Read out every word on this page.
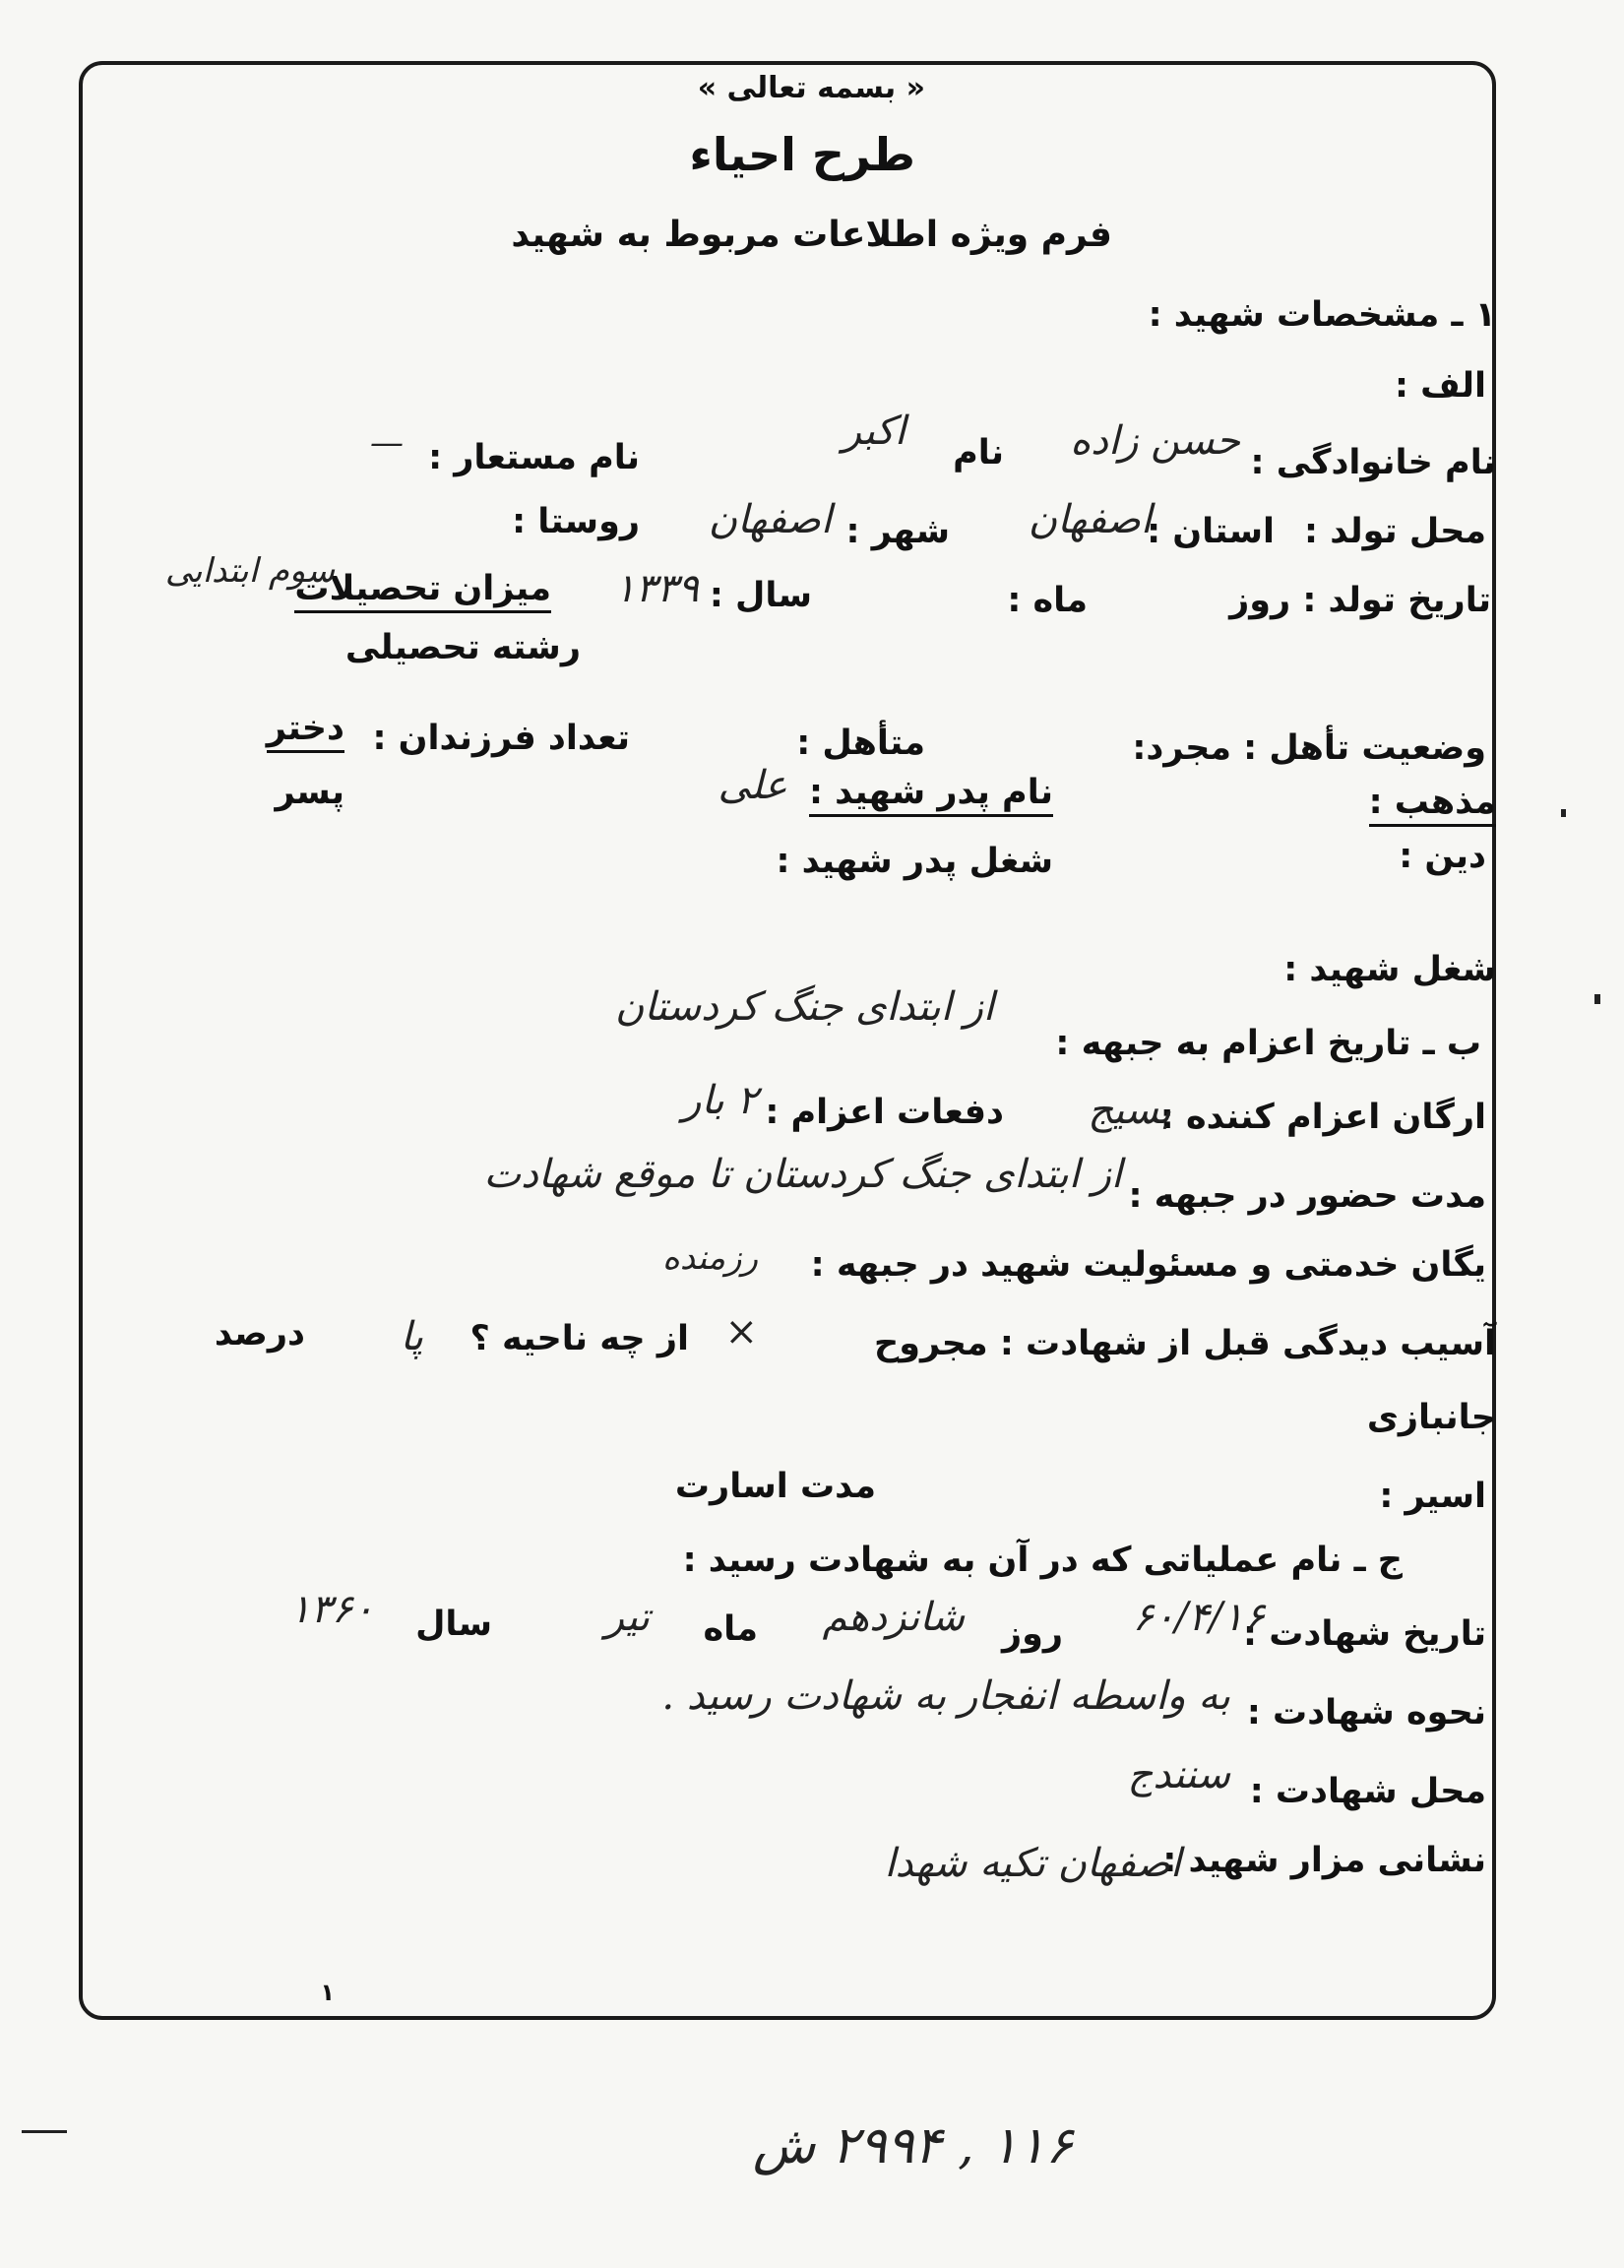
« بسمه تعالی »
طرح احیاء
فرم ویژه اطلاعات مربوط به شهید
۱ ـ مشخصات شهید :
الف :
نام خانوادگی :
حسن زاده
نام
اکبر
نام مستعار :
—
محل تولد :
استان :
اصفهان
شهر :
اصفهان
روستا :
تاریخ تولد : روز
ماه :
سال :
۱۳۳۹
میزان تحصیلات
سوم ابتدایی
رشته تحصیلی
وضعیت تأهل : مجرد:
متأهل :
تعداد فرزندان :
دختر
پسر	مذهب :
نام پدر شهید :
علی
دین :
شغل پدر شهید :
شغل شهید :
ب ـ تاریخ اعزام به جبهه :
از ابتدای جنگ کردستان
ارگان اعزام کننده :
بسیج
دفعات اعزام :
۲ بار
مدت حضور در جبهه :
از ابتدای جنگ کردستان تا موقع شهادت
یگان خدمتی و مسئولیت شهید در جبهه :
رزمنده
آسیب دیدگی قبل از شهادت : مجروح
×
از چه ناحیه ؟
پا
درصد
جانبازی
اسیر :
مدت اسارت
ج ـ نام عملیاتی که در آن به شهادت رسید :
تاریخ شهادت :
۶۰/۴/۱۶
روز
شانزدهم
ماه
تیر
سال
۱۳۶۰
نحوه شهادت :
به واسطه انفجار به شهادت رسید .
محل شهادت :
سنندج
نشانی مزار شهید :
اصفهان تکیه شهدا
۱
۱۱۶ , ۲۹۹۴ ش
